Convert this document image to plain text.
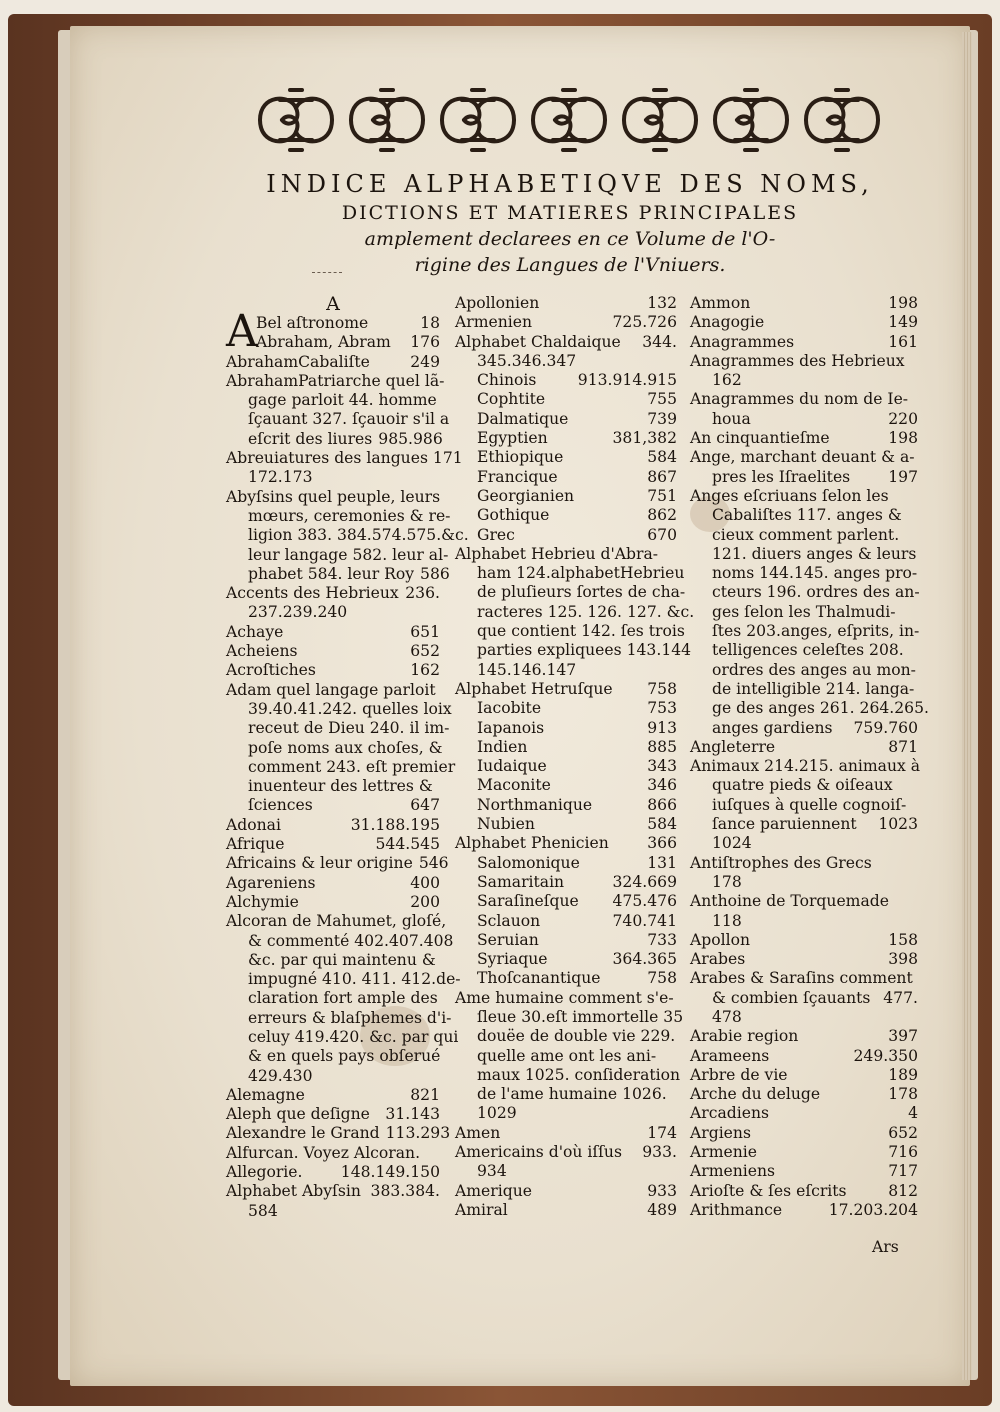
INDICE ALPHABETIQVE DES NOMS,
DICTIONS ET MATIERES PRINCIPALES
amplement declarees en ce Volume de l'O-
rigine des Langues de l'Vniuers.
A
A
Bel aſtronome	18
Abraham, Abram 176
AbrahamCabaliſte	249
AbrahamPatriarche quel lã-
gage parloit 44. homme
ſçauant 327. ſçauoir s'il a
eſcrit des liures 985.986
Abreuiatures des langues 171
172.173
Abyſsins quel peuple, leurs
mœurs, ceremonies & re-
ligion 383. 384.574.575.&c.
leur langage 582. leur al-
phabet 584. leur Roy 586
Accents des Hebrieux 236.
237.239.240
Achaye	651
Acheiens	652
Acroſtiches	162
Adam quel langage parloit
39.40.41.242. quelles loix
receut de Dieu 240. il im-
poſe noms aux choſes, &
comment 243. eſt premier
inuenteur des lettres &
ſciences	647
Adonai	31.188.195
Afrique	544.545
Africains & leur origine 546
Agareniens	400
Alchymie	200
Alcoran de Mahumet, gloſé,
& commenté 402.407.408
&c. par qui maintenu &
impugné 410. 411. 412.de-
claration fort ample des
erreurs & blaſphemes d'i-
celuy 419.420. &c. par qui
& en quels pays obſerué
429.430
Alemagne	821
Aleph que deſigne 31.143
Alexandre le Grand 113.293
Alfurcan. Voyez Alcoran.
Allegorie. 148.149.150
Alphabet Abyſsin 383.384.
584
Apollonien	132
Armenien	725.726
Alphabet Chaldaique 344.
345.346.347
Chinois	913.914.915
Cophtite	755
Dalmatique	739
Egyptien	381,382
Ethiopique	584
Francique	867
Georgianien	751
Gothique	862
Grec	670
Alphabet Hebrieu d'Abra-
ham 124.alphabetHebrieu
de pluſieurs ſortes de cha-
racteres 125. 126. 127. &c.
que contient 142. ſes trois
parties expliquees 143.144
145.146.147
Alphabet Hetruſque 758
Iacobite	753
Iapanois	913
Indien	885
Iudaique	343
Maconite	346
Northmanique	866
Nubien	584
Alphabet Phenicien 366
Salomonique	131
Samaritain	324.669
Saraſineſque 475.476
Sclauon	740.741
Seruian	733
Syriaque	364.365
Thoſcanantique	758
Ame humaine comment s'e-
ſleue 30.eſt immortelle 35
douëe de double vie 229.
quelle ame ont les ani-
maux 1025. conſideration
de l'ame humaine 1026.
1029
Amen	174
Americains d'où iſſus 933.
934
Amerique	933
Amiral	489
Ammon	198
Anagogie	149
Anagrammes	161
Anagrammes des Hebrieux
162
Anagrammes du nom de Ie-
houa	220
An cinquantieſme	198
Ange, marchant deuant & a-
pres les Iſraelites 197
Anges eſcriuans ſelon les
Cabaliſtes 117. anges &
cieux comment parlent.
121. diuers anges & leurs
noms 144.145. anges pro-
cteurs 196. ordres des an-
ges ſelon les Thalmudi-
ſtes 203.anges, eſprits, in-
telligences celeſtes 208.
ordres des anges au mon-
de intelligible 214. langa-
ge des anges 261. 264.265.
anges gardiens 759.760
Angleterre	871
Animaux 214.215. animaux à
quatre pieds & oiſeaux
iuſques à quelle cognoiſ-
ſance paruiennent 1023
1024
Antiſtrophes des Grecs
178
Anthoine de Torquemade
118
Apollon	158
Arabes	398
Arabes & Saraſins comment
& combien ſçauants 477.
478
Arabie region	397
Arameens	249.350
Arbre de vie	189
Arche du deluge	178
Arcadiens	4
Argiens	652
Armenie	716
Armeniens	717
Arioſte & ſes eſcrits	812
Arithmance	17.203.204
Ars
